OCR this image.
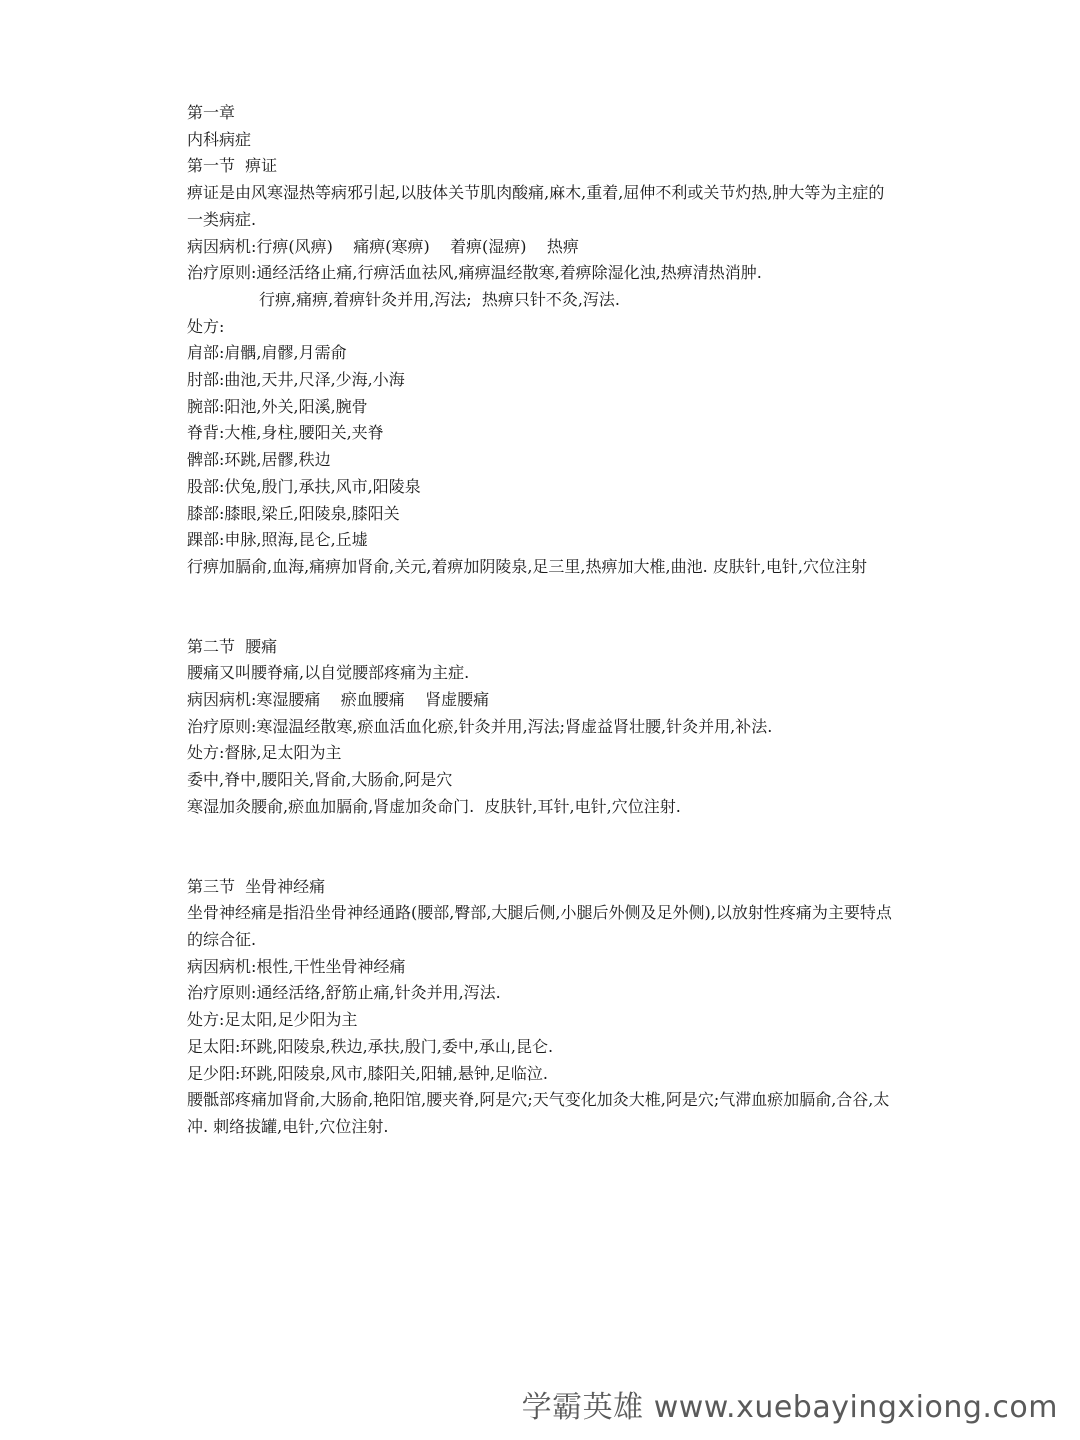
第一章
内科病症
第一节  痹证
痹证是由风寒湿热等病邪引起,以肢体关节肌肉酸痛,麻木,重着,屈伸不利或关节灼热,肿大等为主症的一类病症.
病因病机:行痹(风痹)    痛痹(寒痹)    着痹(湿痹)    热痹
治疗原则:通经活络止痛,行痹活血祛风,痛痹温经散寒,着痹除湿化浊,热痹清热消肿.
行痹,痛痹,着痹针灸并用,泻法;  热痹只针不灸,泻法.
处方:
肩部:肩髃,肩髎,月需俞
肘部:曲池,天井,尺泽,少海,小海
腕部:阳池,外关,阳溪,腕骨
脊背:大椎,身柱,腰阳关,夹脊
髀部:环跳,居髎,秩边
股部:伏兔,殷门,承扶,风市,阳陵泉
膝部:膝眼,梁丘,阳陵泉,膝阳关
踝部:申脉,照海,昆仑,丘墟
行痹加膈俞,血海,痛痹加肾俞,关元,着痹加阴陵泉,足三里,热痹加大椎,曲池. 皮肤针,电针,穴位注射
第二节  腰痛
腰痛又叫腰脊痛,以自觉腰部疼痛为主症.
病因病机:寒湿腰痛    瘀血腰痛    肾虚腰痛
治疗原则:寒湿温经散寒,瘀血活血化瘀,针灸并用,泻法;肾虚益肾壮腰,针灸并用,补法.
处方:督脉,足太阳为主
委中,脊中,腰阳关,肾俞,大肠俞,阿是穴
寒湿加灸腰俞,瘀血加膈俞,肾虚加灸命门.  皮肤针,耳针,电针,穴位注射.
第三节  坐骨神经痛
坐骨神经痛是指沿坐骨神经通路(腰部,臀部,大腿后侧,小腿后外侧及足外侧),以放射性疼痛为主要特点的综合征.
病因病机:根性,干性坐骨神经痛
治疗原则:通经活络,舒筋止痛,针灸并用,泻法.
处方:足太阳,足少阳为主
足太阳:环跳,阳陵泉,秩边,承扶,殷门,委中,承山,昆仑.
足少阳:环跳,阳陵泉,风市,膝阳关,阳辅,悬钟,足临泣.
腰骶部疼痛加肾俞,大肠俞,艳阳馆,腰夹脊,阿是穴;天气变化加灸大椎,阿是穴;气滞血瘀加膈俞,合谷,太冲. 刺络拔罐,电针,穴位注射.
学霸英雄 www.xuebayingxiong.com
